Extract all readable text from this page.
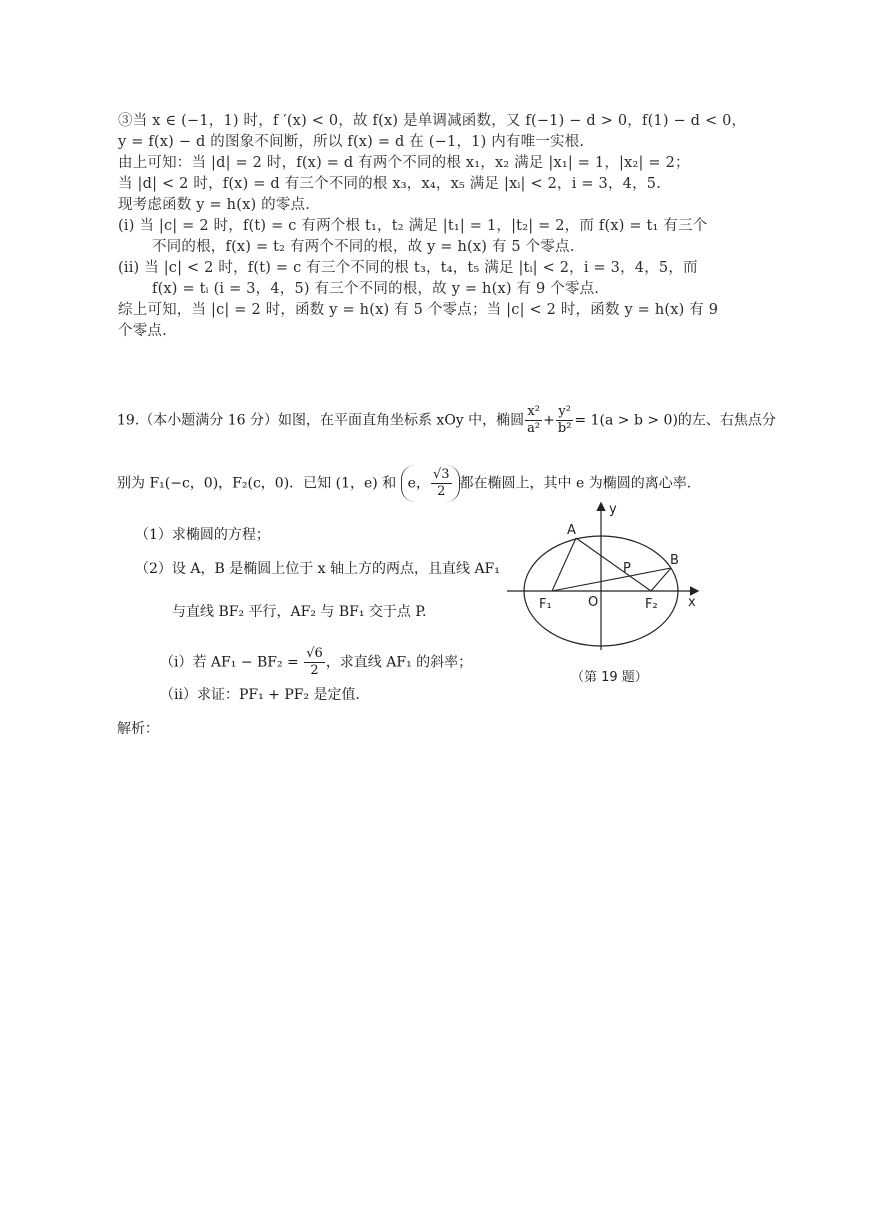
③当 x ∈ (−1，1) 时，f ′(x) < 0，故 f(x) 是单调减函数，又 f(−1) − d > 0，f(1) − d < 0，
y = f(x) − d 的图象不间断，所以 f(x) = d 在 (−1，1) 内有唯一实根.
由上可知：当 |d| = 2 时，f(x) = d 有两个不同的根 x₁，x₂ 满足 |x₁| = 1，|x₂| = 2；
当 |d| < 2 时，f(x) = d 有三个不同的根 x₃，x₄，x₅ 满足 |xᵢ| < 2，i = 3，4，5.
现考虑函数 y = h(x) 的零点.
(i) 当 |c| = 2 时，f(t) = c 有两个根 t₁，t₂ 满足 |t₁| = 1，|t₂| = 2，而 f(x) = t₁ 有三个
不同的根，f(x) = t₂ 有两个不同的根，故 y = h(x) 有 5 个零点.
(ii) 当 |c| < 2 时，f(t) = c 有三个不同的根 t₃，t₄，t₅ 满足 |tᵢ| < 2，i = 3，4，5，而
f(x) = tᵢ (i = 3，4，5) 有三个不同的根，故 y = h(x) 有 9 个零点.
综上可知，当 |c| = 2 时，函数 y = h(x) 有 5 个零点；当 |c| < 2 时，函数 y = h(x) 有 9
个零点.
19.（本小题满分 16 分）如图，在平面直角坐标系 xOy 中，椭圆 $\frac{\text{x²}}{\text{a²}} + \frac{\text{y²}}{\text{b²}} = 1(a > b > 0)$的左、右焦点分
别为 F₁(−c，0)，F₂(c，0)．已知 (1，e) 和 e， $\frac{√3}{2}$ 都在椭圆上，其中 e 为椭圆的离心率.
（1）求椭圆的方程；
（2）设 A，B 是椭圆上位于 x 轴上方的两点，且直线 AF₁
与直线 BF₂ 平行，AF₂ 与 BF₁ 交于点 P.
（i）若 $AF_1 - BF_2 = \frac{√6}{2}$ ，求直线 AF₁ 的斜率；
（ii）求证：PF₁ + PF₂ 是定值.
解析：
y
x
A
B
P
O
F₁	F₂
（第 19 题）
